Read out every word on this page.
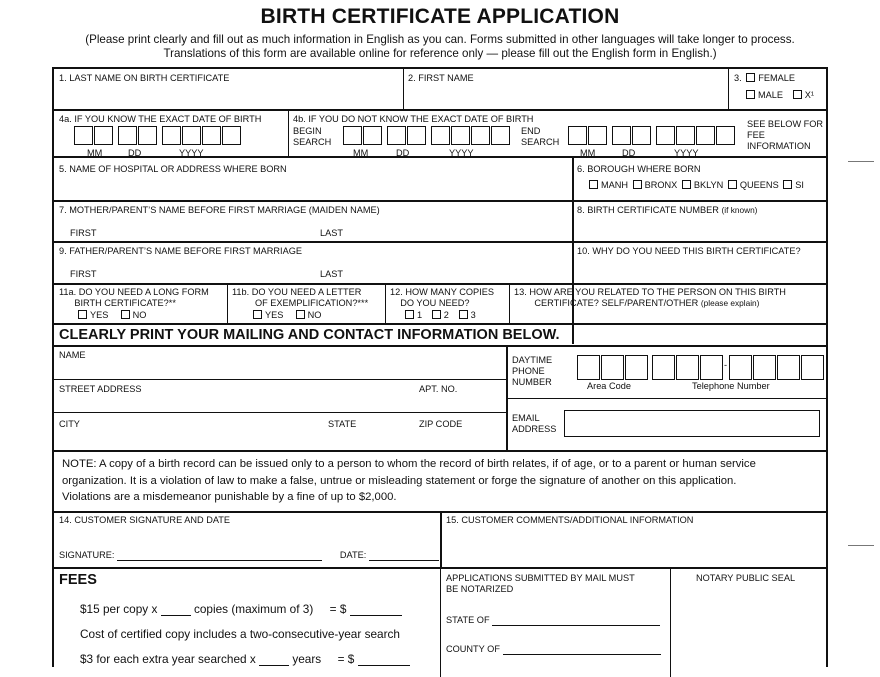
BIRTH CERTIFICATE APPLICATION
(Please print clearly and fill out as much information in English as you can. Forms submitted in other languages will take longer to process.
Translations of this form are available online for reference only — please fill out the English form in English.)
1. LAST NAME ON BIRTH CERTIFICATE	2. FIRST NAME	3. FEMALE
MALE X¹
4a. IF YOU KNOW THE EXACT DATE OF BIRTH
MM	DD	YYYY
4b. IF YOU DO NOT KNOW THE EXACT DATE OF BIRTH
BEGIN
SEARCH
MM	DD	YYYY
END
SEARCH
MM	DD	YYYY
SEE BELOW FOR FEE INFORMATION
5. NAME OF HOSPITAL OR ADDRESS WHERE BORN	6. BOROUGH WHERE BORN
MANH BRONX BKLYN QUEENS SI
7. MOTHER/PARENT’S NAME BEFORE FIRST MARRIAGE (MAIDEN NAME)
FIRST	LAST
8. BIRTH CERTIFICATE NUMBER (if known)
9. FATHER/PARENT’S NAME BEFORE FIRST MARRIAGE
FIRST	LAST
10. WHY DO YOU NEED THIS BIRTH CERTIFICATE?
11a. DO YOU NEED A LONG FORM
BIRTH CERTIFICATE?**
YES	NO
11b. DO YOU NEED A LETTER
OF EXEMPLIFICATION?***
YES	NO
12. HOW MANY COPIES
DO YOU NEED?
1 2 3
13. HOW ARE YOU RELATED TO THE PERSON ON THIS BIRTH
CERTIFICATE? SELF/PARENT/OTHER (please explain)
CLEARLY PRINT YOUR MAILING AND CONTACT INFORMATION BELOW.
NAME
STREET ADDRESS	APT. NO.
CITY	STATE	ZIP CODE
DAYTIME
PHONE
NUMBER
-
Area Code	Telephone Number
EMAIL
ADDRESS
NOTE: A copy of a birth record can be issued only to a person to whom the record of birth relates, if of age, or to a parent or human service
organization. It is a violation of law to make a false, untrue or misleading statement or forge the signature of another on this application.
Violations are a misdemeanor punishable by a fine of up to $2,000.
14. CUSTOMER SIGNATURE AND DATE
SIGNATURE:	DATE:
15. CUSTOMER COMMENTS/ADDITIONAL INFORMATION
FEES
$15 per copy x	copies (maximum of 3) = $
Cost of certified copy includes a two-consecutive-year search
$3 for each extra year searched x	years = $
APPLICATIONS SUBMITTED BY MAIL MUST
BE NOTARIZED
STATE OF
COUNTY OF
NOTARY PUBLIC SEAL
